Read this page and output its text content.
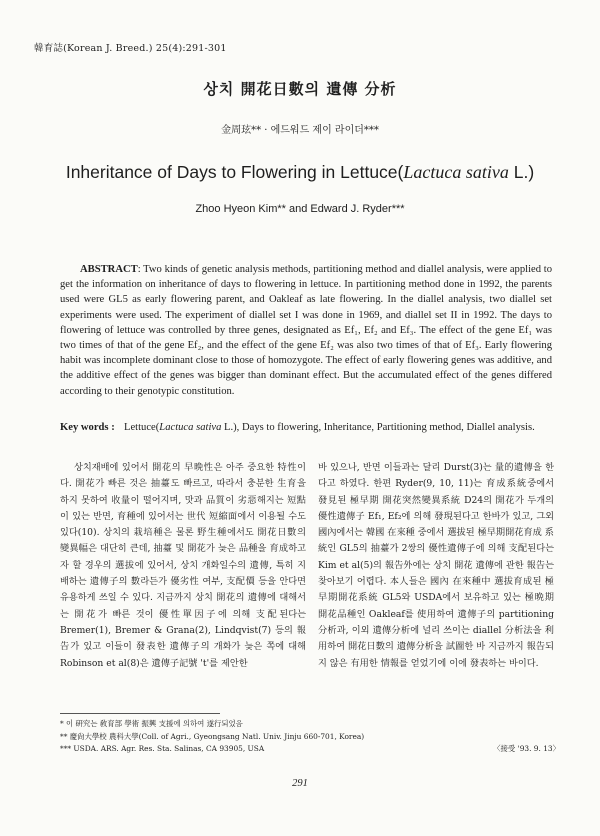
韓育誌(Korean J. Breed.) 25(4):291-301
상치 開花日數의 遺傳 分析
金周玹** · 에드워드 제이 라이더***
Inheritance of Days to Flowering in Lettuce(Lactuca sativa L.)
Zhoo Hyeon Kim** and Edward J. Ryder***

ABSTRACT: Two kinds of genetic analysis methods, partitioning method and diallel analysis, were applied to get the information on inheritance of days to flowering in lettuce. In partitioning method done in 1992, the parents used were GL5 as early flowering parent, and Oakleaf as late flowering. In the diallel analysis, two diallel set experiments were used. The experiment of diallel set I was done in 1969, and diallel set II in 1992. The days to flowering of lettuce was controlled by three genes, designated as Ef₁, Ef₂ and Ef₃. The effect of the gene Ef₁ was two times of that of the gene Ef₂, and the effect of the gene Ef₂ was also two times of that of Ef₃. Early flowering habit was incomplete dominant close to those of homozygote. The effect of early flowering genes was additive, and the additive effect of the genes was bigger than dominant effect. But the accumulated effect of the genes differed according to their genotypic constitution.

Key words : Lettuce(Lactuca sativa L.), Days to flowering, Inheritance, Partitioning method, Diallel analysis.

상치재배에 있어서 開花의 早晩性은 아주 중요한 特性이다. 開花가 빠른 것은 抽薹도 빠르고, 따라서 충분한 生育을 하지 못하여 收量이 떨어지며, 맛과 品質이 劣惡해지는 短點이 있는 반면, 育種에 있어서는 世代 短縮面에서 이용될 수도 있다(10). 상치의 栽培種은 물론 野生種에서도 開花日數의 變異幅은 대단히 큰데, 抽薹 및 開花가 늦은 品種을 育成하고자 할 경우의 選拔에 있어서, 상치 개화일수의 遺傳, 특히 지배하는 遺傳子의 數라든가 優劣性 여부, 支配價 등을 안다면 유용하게 쓰일 수 있다. 지금까지 상치 開花의 遺傳에 대해서는 開花가 빠른 것이 優性單因子에 의해 支配된다는 Bremer(1), Bremer & Grana(2), Lindqvist(7) 등의 報告가 있고 이들이 發表한 遺傳子의 개화가 늦은 쪽에 대해 Robinson et al(8)은 遺傳子記號 't'를 제안한

바 있으나, 반면 이들과는 달리 Durst(3)는 量的遺傳을 한다고 하였다. 한편 Ryder(9, 10, 11)는 育成系統중에서 發見된 極早期 開花突然變異系統 D24의 開花가 두개의 優性遺傳子 Ef₁, Ef₂에 의해 發現된다고 한바가 있고, 그외 國內에서는 韓國 在來種 중에서 選拔된 極早期開花育成 系統인 GL5의 抽薹가 2쌍의 優性遺傳子에 의해 支配된다는 Kim et al(5)의 報告外에는 상치 開花 遺傳에 관한 報告는 찾아보기 어렵다. 本人들은 國內 在來種中 選拔育成된 極早期開花系統 GL5와 USDA에서 보유하고 있는 極晩期 開花品種인 Oakleaf를 使用하여 遺傳子의 partitioning 分析과, 이외 遺傳分析에 널리 쓰이는 diallel 分析法을 利用하여 開花日數의 遺傳分析을 試圖한 바 지금까지 報告되지 않은 有用한 情報를 얻었기에 이에 發表하는 바이다.

* 이 硏究는 敎育部 學術 振興 支援에 의하여 遂行되었음
** 慶尙大學校 農科大學(Coll. of Agri., Gyeongsang Natl. Univ. Jinju 660-701, Korea)
*** USDA. ARS. Agr. Res. Sta. Salinas, CA 93905, USA	〈接受 '93. 9. 13〉
291
